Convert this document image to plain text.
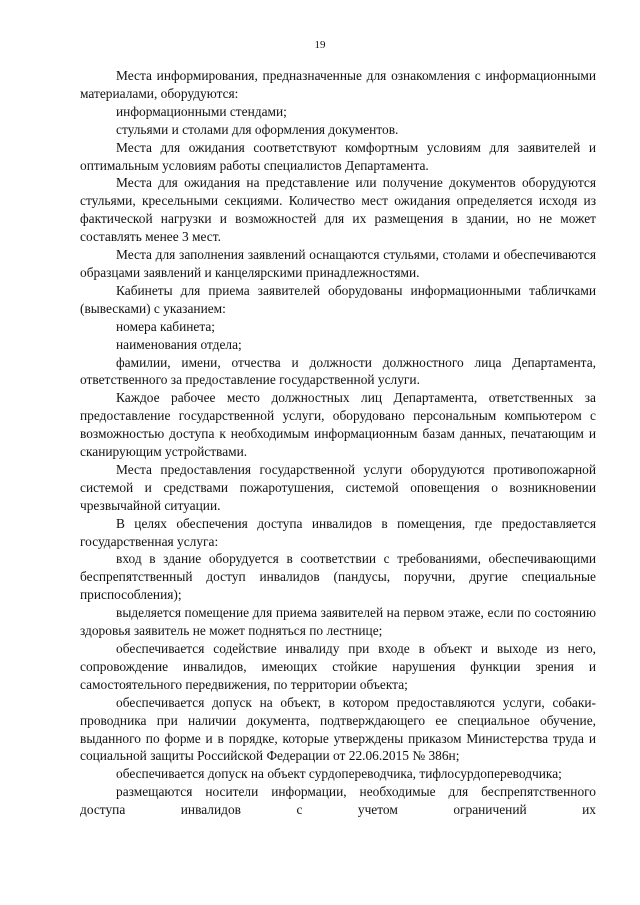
19

Места информирования, предназначенные для ознакомления с информационными материалами, оборудуются:

информационными стендами;

стульями и столами для оформления документов.

Места для ожидания соответствуют комфортным условиям для заявителей и оптимальным условиям работы специалистов Департамента.

Места для ожидания на представление или получение документов оборудуются стульями, кресельными секциями. Количество мест ожидания определяется исходя из фактической нагрузки и возможностей для их размещения в здании, но не может составлять менее 3 мест.

Места для заполнения заявлений оснащаются стульями, столами и обеспечиваются образцами заявлений и канцелярскими принадлежностями.

Кабинеты для приема заявителей оборудованы информационными табличками (вывесками) с указанием:

номера кабинета;

наименования отдела;

фамилии, имени, отчества и должности должностного лица Департамента, ответственного за предоставление государственной услуги.

Каждое рабочее место должностных лиц Департамента, ответственных за предоставление государственной услуги, оборудовано персональным компьютером с возможностью доступа к необходимым информационным базам данных, печатающим и сканирующим устройствами.

Места предоставления государственной услуги оборудуются противопожарной системой и средствами пожаротушения, системой оповещения о возникновении чрезвычайной ситуации.

В целях обеспечения доступа инвалидов в помещения, где предоставляется государственная услуга:

вход в здание оборудуется в соответствии с требованиями, обеспечивающими беспрепятственный доступ инвалидов (пандусы, поручни, другие специальные приспособления);

выделяется помещение для приема заявителей на первом этаже, если по состоянию здоровья заявитель не может подняться по лестнице;

обеспечивается содействие инвалиду при входе в объект и выходе из него, сопровождение инвалидов, имеющих стойкие нарушения функции зрения и самостоятельного передвижения, по территории объекта;

обеспечивается допуск на объект, в котором предоставляются услуги, собаки-проводника при наличии документа, подтверждающего ее специальное обучение, выданного по форме и в порядке, которые утверждены приказом Министерства труда и социальной защиты Российской Федерации от 22.06.2015 № 386н;

обеспечивается допуск на объект сурдопереводчика, тифлосурдопереводчика;

размещаются носители информации, необходимые для беспрепятственного доступа инвалидов с учетом ограничений их
